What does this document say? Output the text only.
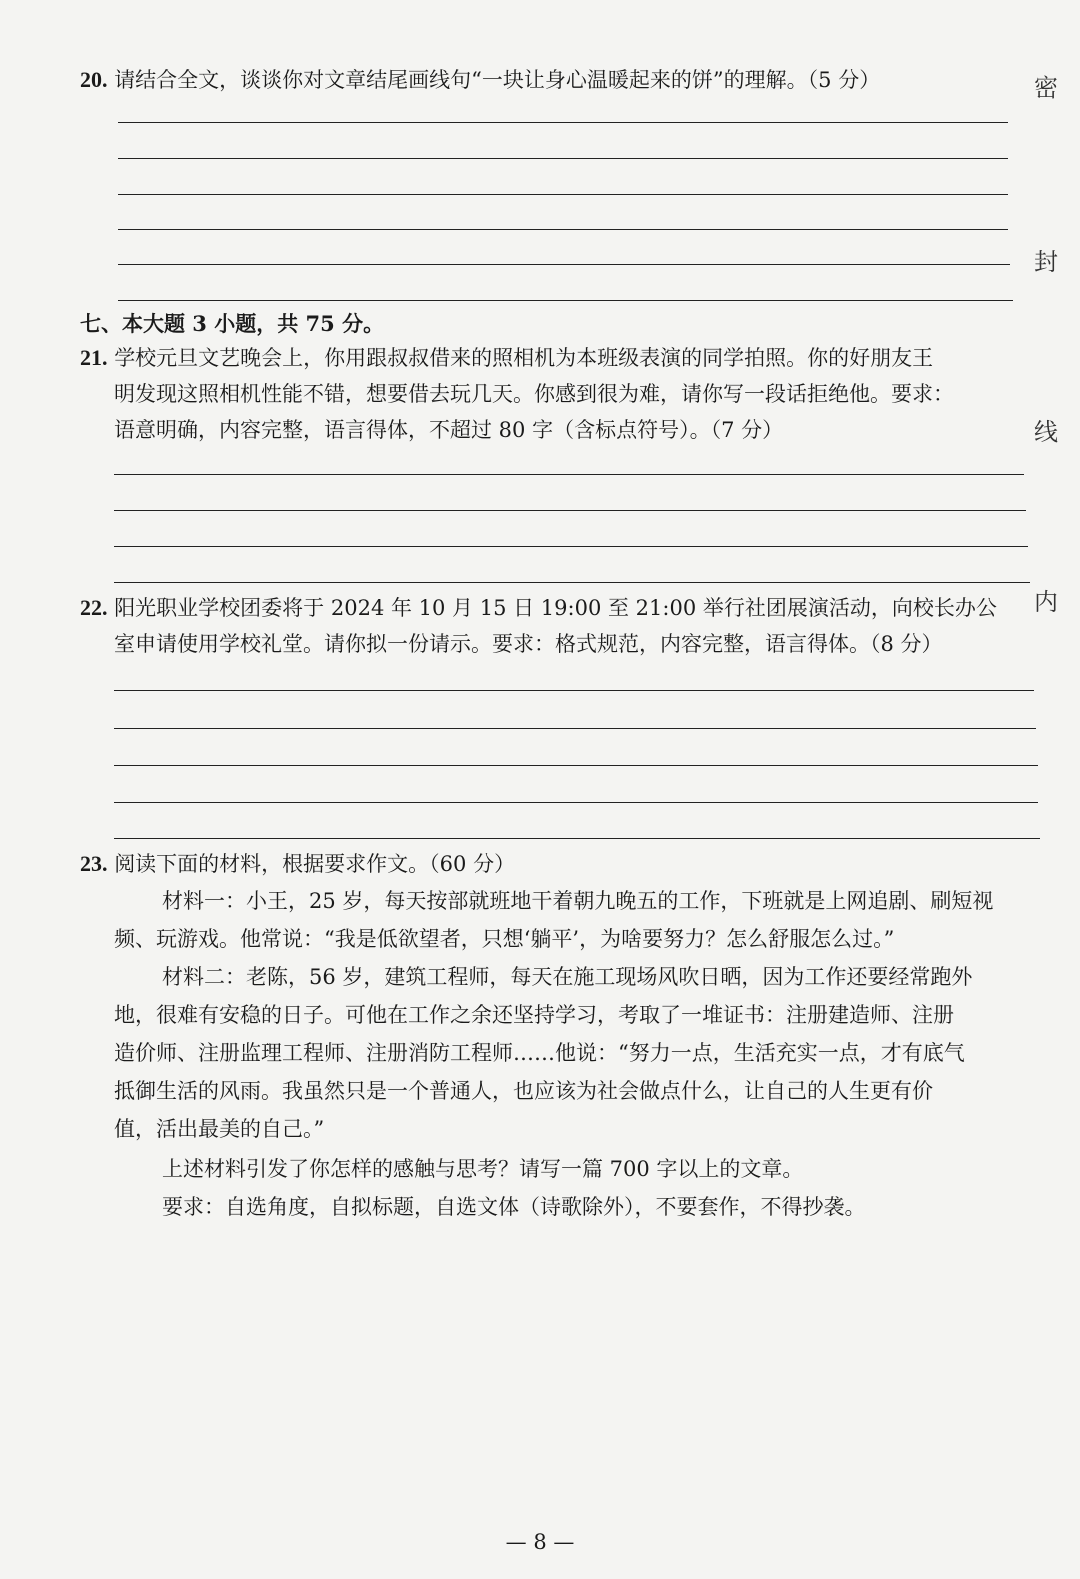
密
封
线
内
20. 请结合全文，谈谈你对文章结尾画线句“一块让身心温暖起来的饼”的理解。（5 分）
七、本大题 3 小题，共 75 分。
21. 学校元旦文艺晚会上，你用跟叔叔借来的照相机为本班级表演的同学拍照。你的好朋友王
明发现这照相机性能不错，想要借去玩几天。你感到很为难，请你写一段话拒绝他。要求：
语意明确，内容完整，语言得体，不超过 80 字（含标点符号）。（7 分）
22. 阳光职业学校团委将于 2024 年 10 月 15 日 19:00 至 21:00 举行社团展演活动，向校长办公
室申请使用学校礼堂。请你拟一份请示。要求：格式规范，内容完整，语言得体。（8 分）
23. 阅读下面的材料，根据要求作文。（60 分）
材料一：小王，25 岁，每天按部就班地干着朝九晚五的工作，下班就是上网追剧、刷短视
频、玩游戏。他常说：“我是低欲望者，只想‘躺平’，为啥要努力？怎么舒服怎么过。”
材料二：老陈，56 岁，建筑工程师，每天在施工现场风吹日晒，因为工作还要经常跑外
地，很难有安稳的日子。可他在工作之余还坚持学习，考取了一堆证书：注册建造师、注册
造价师、注册监理工程师、注册消防工程师……他说：“努力一点，生活充实一点，才有底气
抵御生活的风雨。我虽然只是一个普通人，也应该为社会做点什么，让自己的人生更有价
值，活出最美的自己。”
上述材料引发了你怎样的感触与思考？请写一篇 700 字以上的文章。
要求：自选角度，自拟标题，自选文体（诗歌除外），不要套作，不得抄袭。
— 8 —
